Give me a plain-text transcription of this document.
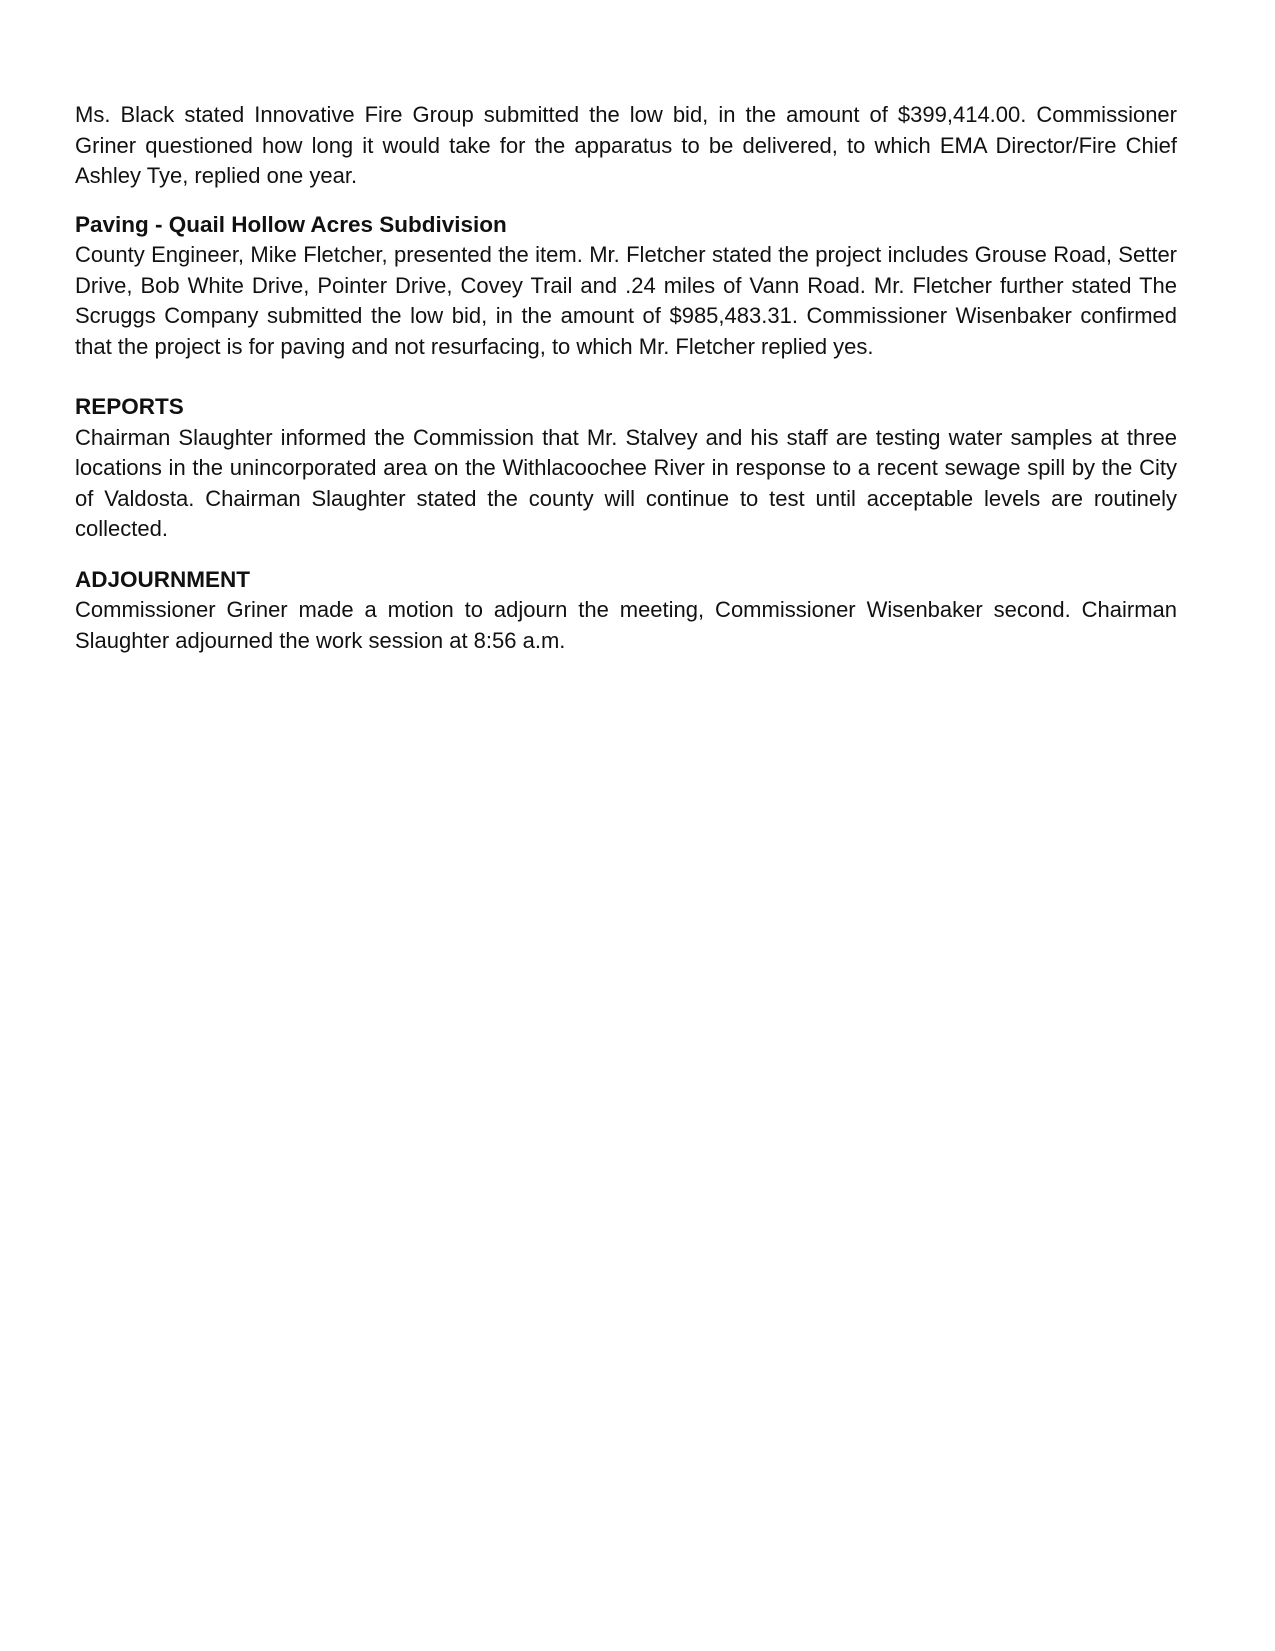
Ms. Black stated Innovative Fire Group submitted the low bid, in the amount of $399,414.00. Commissioner Griner questioned how long it would take for the apparatus to be delivered, to which EMA Director/Fire Chief Ashley Tye, replied one year.

Paving - Quail Hollow Acres Subdivision

County Engineer, Mike Fletcher, presented the item. Mr. Fletcher stated the project includes Grouse Road, Setter Drive, Bob White Drive, Pointer Drive, Covey Trail and .24 miles of Vann Road. Mr. Fletcher further stated The Scruggs Company submitted the low bid, in the amount of $985,483.31. Commissioner Wisenbaker confirmed that the project is for paving and not resurfacing, to which Mr. Fletcher replied yes.

REPORTS

Chairman Slaughter informed the Commission that Mr. Stalvey and his staff are testing water samples at three locations in the unincorporated area on the Withlacoochee River in response to a recent sewage spill by the City of Valdosta. Chairman Slaughter stated the county will continue to test until acceptable levels are routinely collected.

ADJOURNMENT

Commissioner Griner made a motion to adjourn the meeting, Commissioner Wisenbaker second. Chairman Slaughter adjourned the work session at 8:56 a.m.
